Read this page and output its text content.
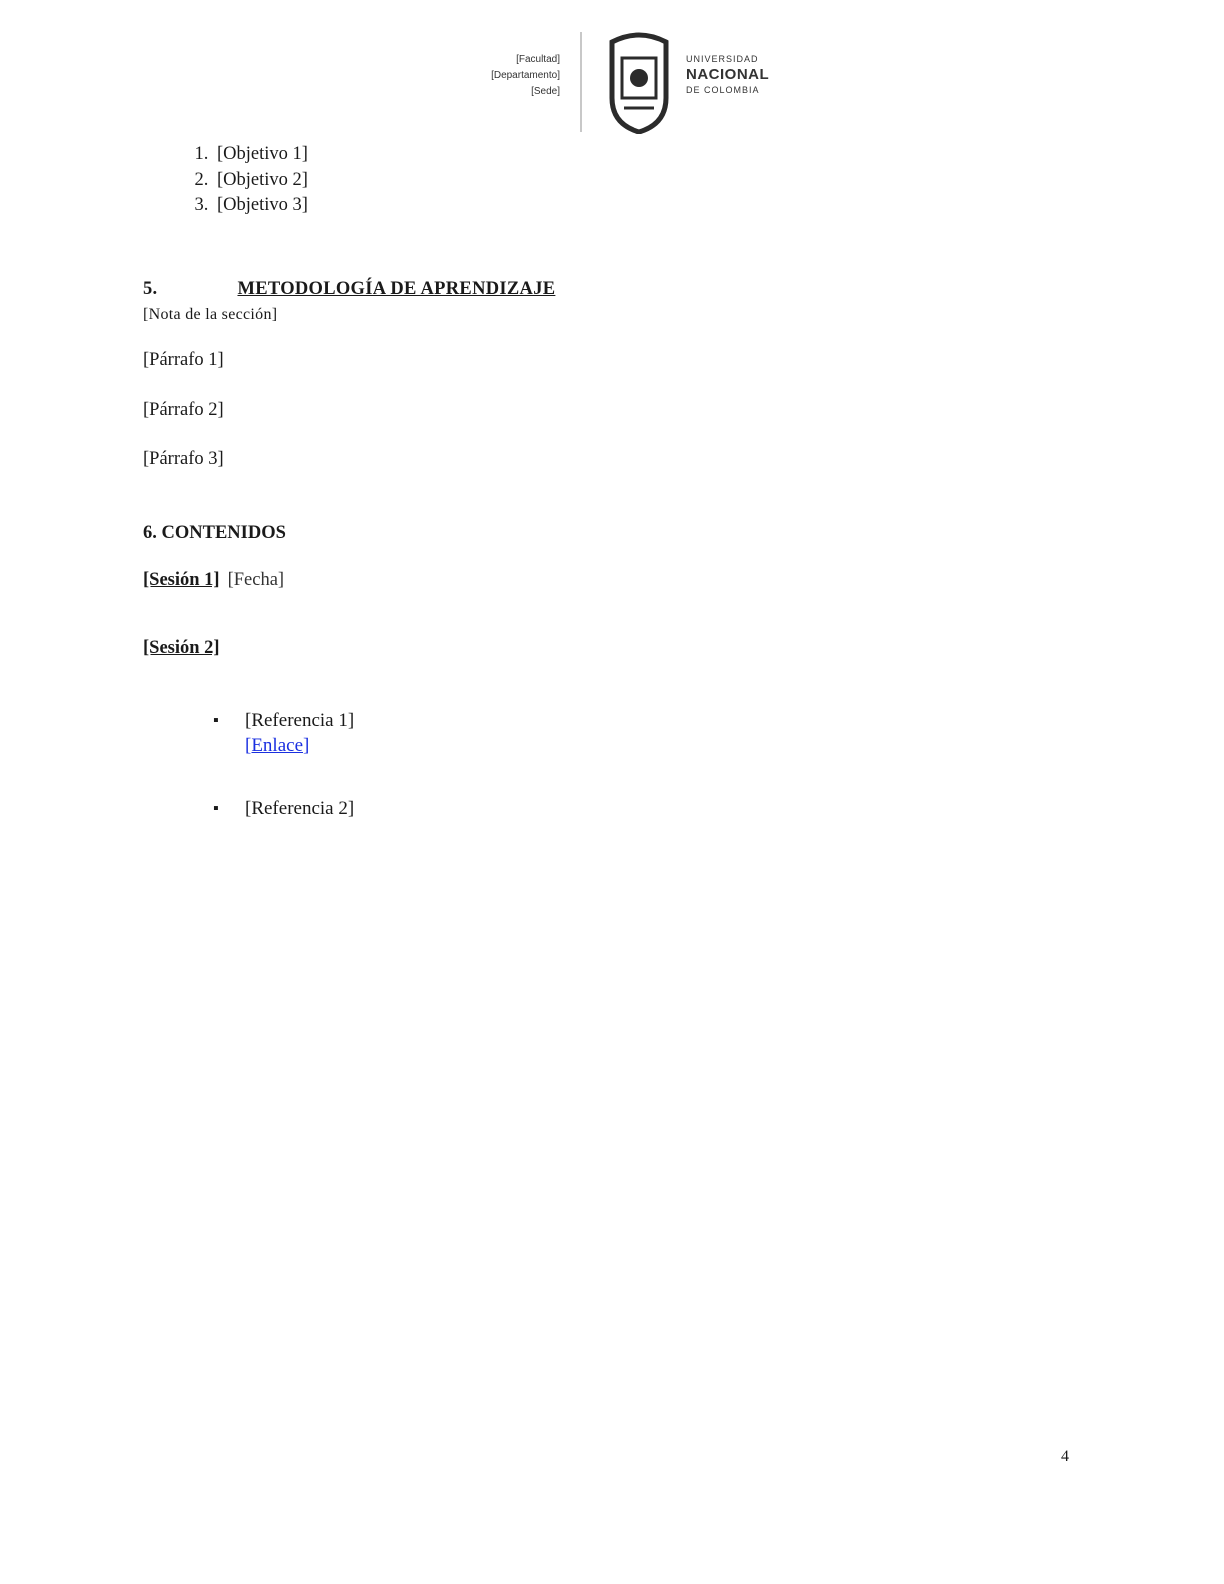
[Facultad]
[Departamento]
[Sede]
UNIVERSIDAD
NACIONAL
DE COLOMBIA
1. [Objetivo 1]
2. [Objetivo 2]
3. [Objetivo 3]
5.	METODOLOGÍA DE APRENDIZAJE
[Nota de la sección]

[Párrafo 1]

[Párrafo 2]

[Párrafo 3]

6. CONTENIDOS
[Sesión 1] [Fecha]
[Sesión 2]
▪ [Referencia 1]
[Enlace]
▪ [Referencia 2]
4
